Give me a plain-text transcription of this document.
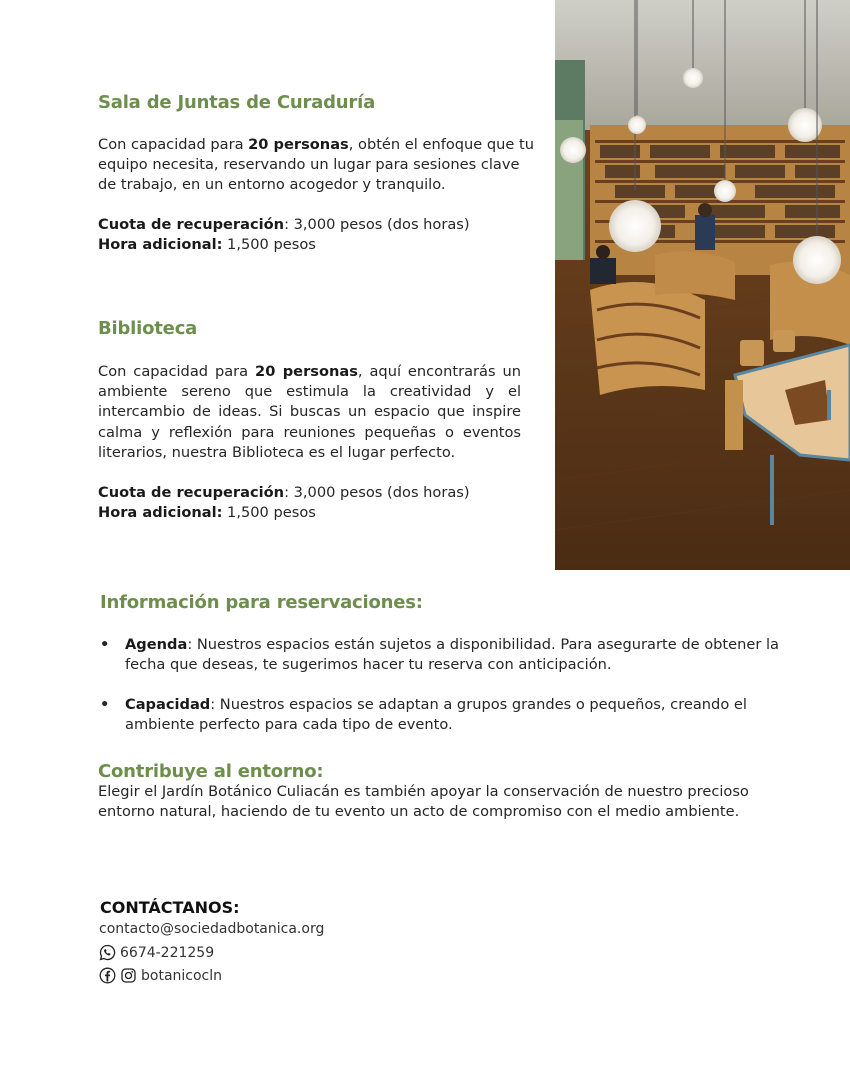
Sala de Juntas de Curaduría
Con capacidad para 20 personas, obtén el enfoque que tu
equipo necesita, reservando un lugar para sesiones clave
de trabajo, en un entorno acogedor y tranquilo.
Cuota de recuperación: 3,000 pesos (dos horas)
Hora adicional: 1,500 pesos
Biblioteca
Con capacidad para 20 personas, aquí encontrarás un ambiente sereno que estimula la creatividad y el intercambio de ideas. Si buscas un espacio que inspire calma y reflexión para reuniones pequeñas o eventos literarios, nuestra Biblioteca es el lugar perfecto.
Cuota de recuperación: 3,000 pesos (dos horas)
Hora adicional: 1,500 pesos
Información para reservaciones:
• Agenda: Nuestros espacios están sujetos a disponibilidad. Para asegurarte de obtener la
fecha que deseas, te sugerimos hacer tu reserva con anticipación.
• Capacidad: Nuestros espacios se adaptan a grupos grandes o pequeños, creando el
ambiente perfecto para cada tipo de evento.
Contribuye al entorno:
Elegir el Jardín Botánico Culiacán es también apoyar la conservación de nuestro precioso
entorno natural, haciendo de tu evento un acto de compromiso con el medio ambiente.
CONTÁCTANOS:
contacto@sociedadbotanica.org
6674-221259
botanicocln
